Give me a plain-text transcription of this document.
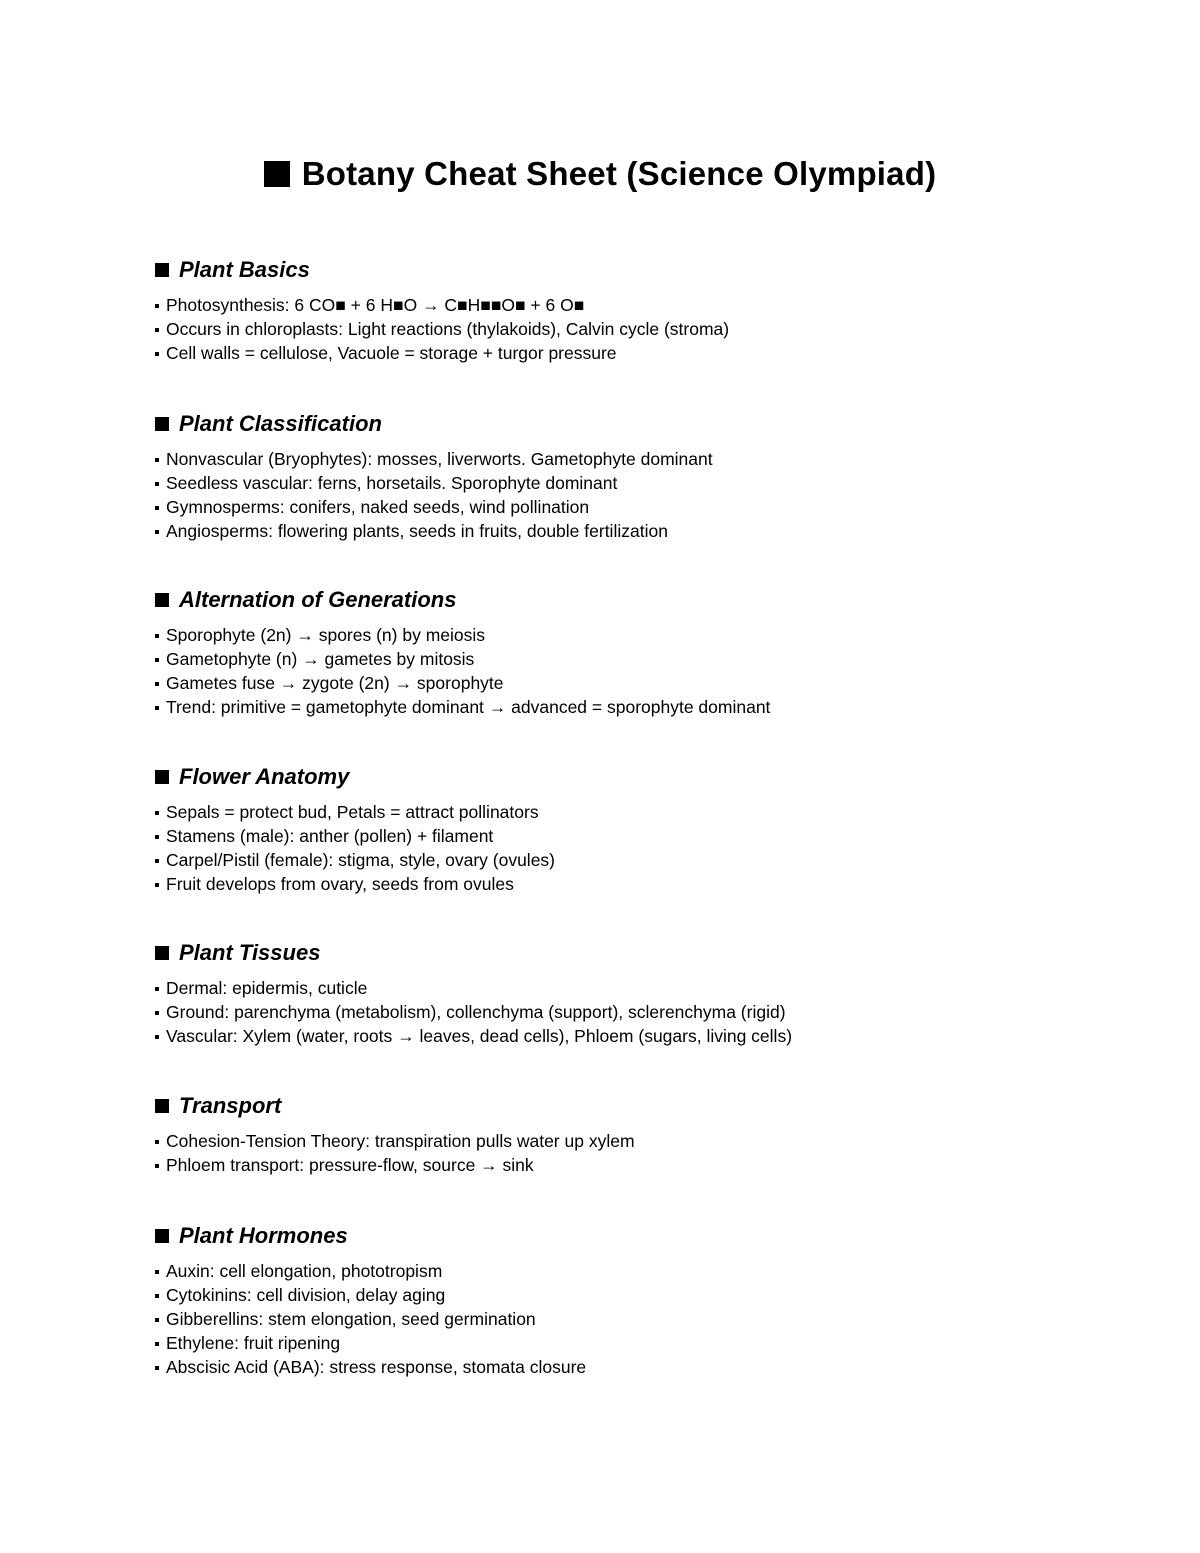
Botany Cheat Sheet (Science Olympiad)
Plant Basics
Photosynthesis: 6 CO■ + 6 H■O → C■H■■O■ + 6 O■
Occurs in chloroplasts: Light reactions (thylakoids), Calvin cycle (stroma)
Cell walls = cellulose, Vacuole = storage + turgor pressure
Plant Classification
Nonvascular (Bryophytes): mosses, liverworts. Gametophyte dominant
Seedless vascular: ferns, horsetails. Sporophyte dominant
Gymnosperms: conifers, naked seeds, wind pollination
Angiosperms: flowering plants, seeds in fruits, double fertilization
Alternation of Generations
Sporophyte (2n) → spores (n) by meiosis
Gametophyte (n) → gametes by mitosis
Gametes fuse → zygote (2n) → sporophyte
Trend: primitive = gametophyte dominant → advanced = sporophyte dominant
Flower Anatomy
Sepals = protect bud, Petals = attract pollinators
Stamens (male): anther (pollen) + filament
Carpel/Pistil (female): stigma, style, ovary (ovules)
Fruit develops from ovary, seeds from ovules
Plant Tissues
Dermal: epidermis, cuticle
Ground: parenchyma (metabolism), collenchyma (support), sclerenchyma (rigid)
Vascular: Xylem (water, roots → leaves, dead cells), Phloem (sugars, living cells)
Transport
Cohesion-Tension Theory: transpiration pulls water up xylem
Phloem transport: pressure-flow, source → sink
Plant Hormones
Auxin: cell elongation, phototropism
Cytokinins: cell division, delay aging
Gibberellins: stem elongation, seed germination
Ethylene: fruit ripening
Abscisic Acid (ABA): stress response, stomata closure
